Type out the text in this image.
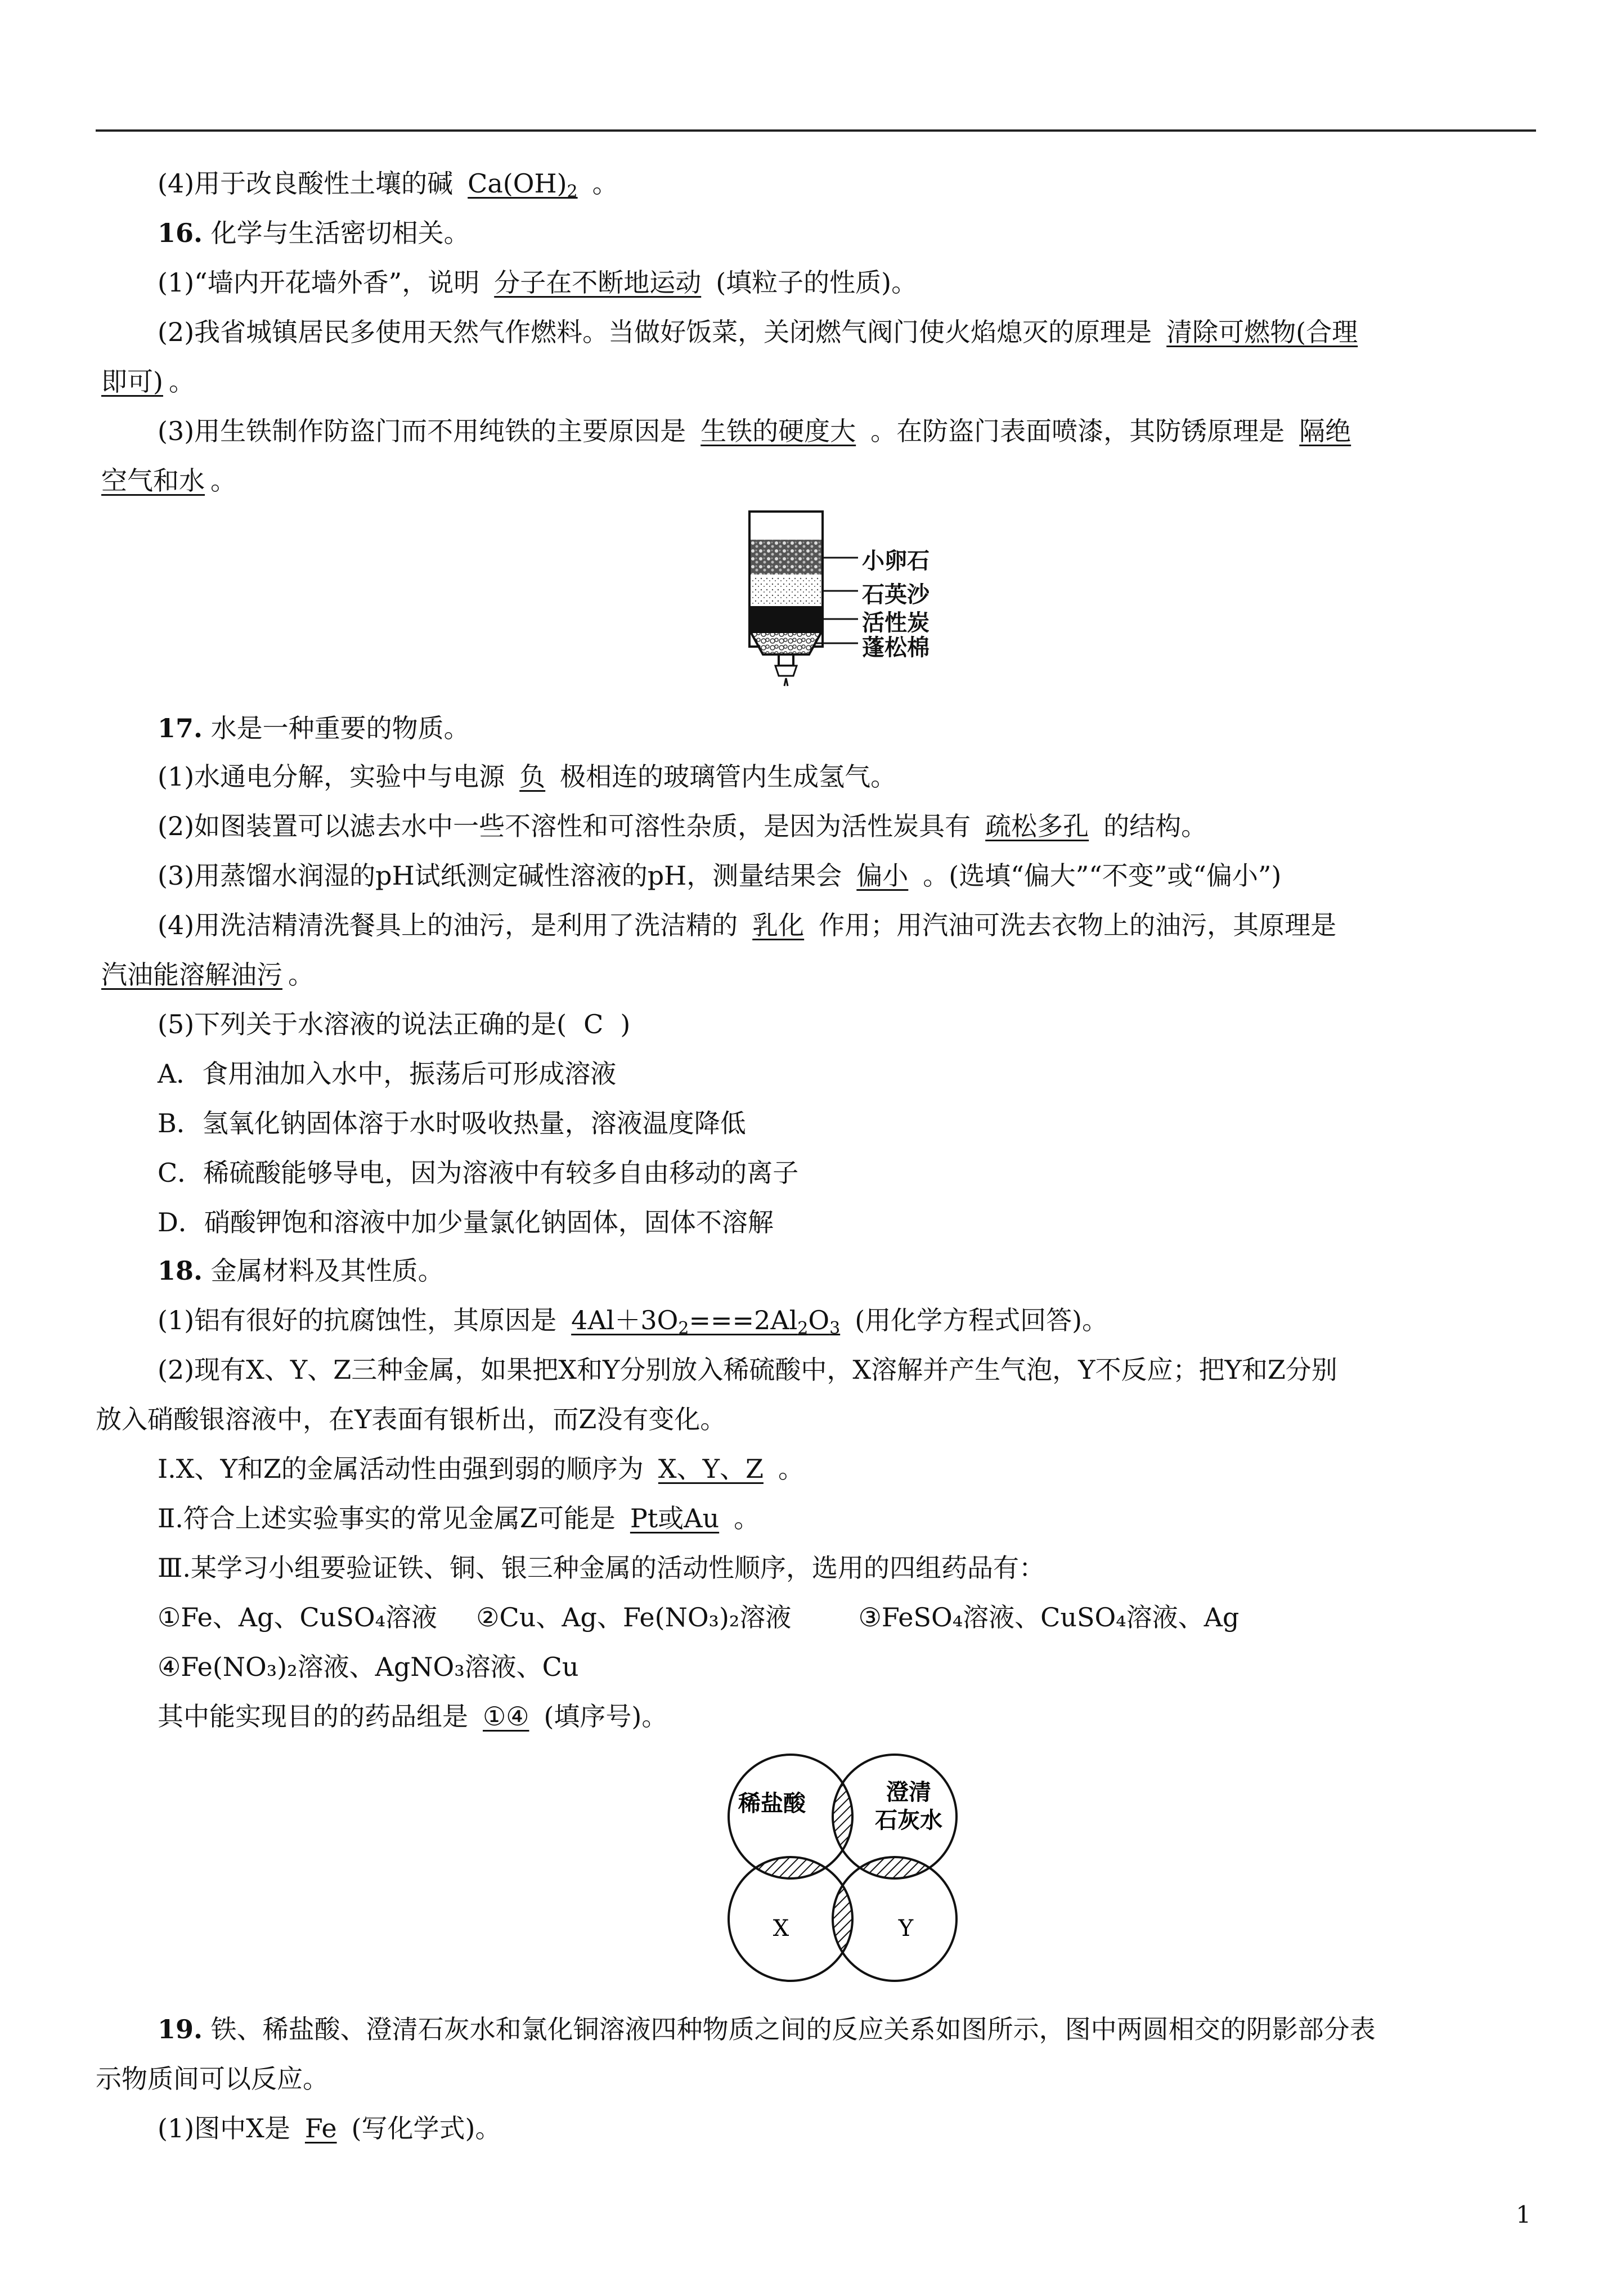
(4)用于改良酸性土壤的碱 $Ca(OH)_2$ 。
16. 化学与生活密切相关。
(1)“墙内开花墙外香”，说明 分子在不断地运动 (填粒子的性质)。
(2)我省城镇居民多使用天然气作燃料。当做好饭菜，关闭燃气阀门使火焰熄灭的原理是 清除可燃物(合理
即可) 。
(3)用生铁制作防盗门而不用纯铁的主要原因是 生铁的硬度大 。在防盗门表面喷漆，其防锈原理是 隔绝
空气和水 。
小卵石
石英沙
活性炭
蓬松棉
17. 水是一种重要的物质。
(1)水通电分解，实验中与电源 负 极相连的玻璃管内生成氢气。
(2)如图装置可以滤去水中一些不溶性和可溶性杂质，是因为活性炭具有 疏松多孔 的结构。
(3)用蒸馏水润湿的pH试纸测定碱性溶液的pH，测量结果会 偏小 。(选填“偏大”“不变”或“偏小”)
(4)用洗洁精清洗餐具上的油污，是利用了洗洁精的 乳化 作用；用汽油可洗去衣物上的油污，其原理是
汽油能溶解油污 。
(5)下列关于水溶液的说法正确的是( C )
A．食用油加入水中，振荡后可形成溶液
B．氢氧化钠固体溶于水时吸收热量，溶液温度降低
C．稀硫酸能够导电，因为溶液中有较多自由移动的离子
D．硝酸钾饱和溶液中加少量氯化钠固体，固体不溶解
18. 金属材料及其性质。
(1)铝有很好的抗腐蚀性，其原因是 $4Al+3O_2===2Al_2O_3$ (用化学方程式回答)。
(2)现有X、Y、Z三种金属，如果把X和Y分别放入稀硫酸中，X溶解并产生气泡，Y不反应；把Y和Z分别
放入硝酸银溶液中，在Y表面有银析出，而Z没有变化。
Ⅰ.X、Y和Z的金属活动性由强到弱的顺序为 X、Y、Z 。
Ⅱ.符合上述实验事实的常见金属Z可能是 Pt或Au 。
Ⅲ.某学习小组要验证铁、铜、银三种金属的活动性顺序，选用的四组药品有：
①Fe、Ag、CuSO₄溶液 ②Cu、Ag、Fe(NO₃)₂溶液	③FeSO₄溶液、CuSO₄溶液、Ag
④Fe(NO₃)₂溶液、AgNO₃溶液、Cu
其中能实现目的的药品组是 ①④ (填序号)。
稀盐酸	澄清
石灰水
X	Y
19. 铁、稀盐酸、澄清石灰水和氯化铜溶液四种物质之间的反应关系如图所示，图中两圆相交的阴影部分表
示物质间可以反应。
(1)图中X是 Fe (写化学式)。
1
